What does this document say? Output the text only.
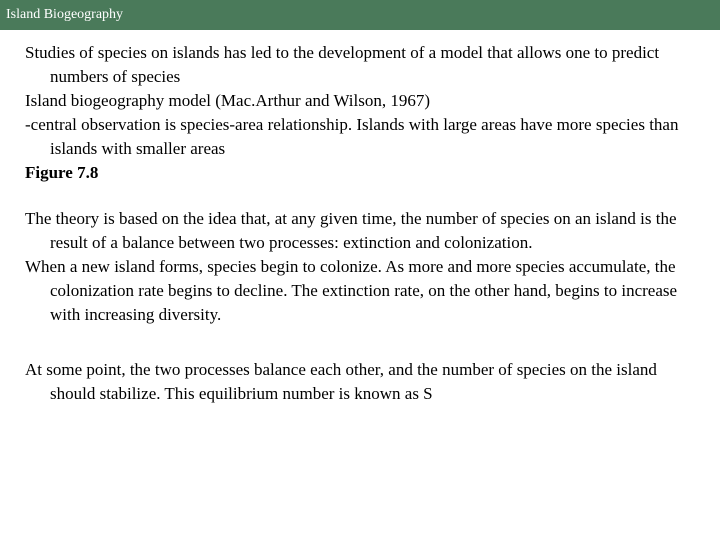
Island Biogeography

Studies of species on islands has led to the development of a model that allows one to predict numbers of species

Island biogeography model (Mac.Arthur and Wilson, 1967)

-central observation is species-area relationship. Islands with large areas have more species than islands with smaller areas

Figure 7.8

The theory is based on the idea that, at any given time, the number of species on an island is the result of a balance between two processes: extinction and colonization.

When a new island forms, species begin to colonize. As more and more species accumulate, the colonization rate begins to decline. The extinction rate, on the other hand, begins to increase with increasing diversity.

At some point, the two processes balance each other, and the number of species on the island should stabilize. This equilibrium number is known as S
